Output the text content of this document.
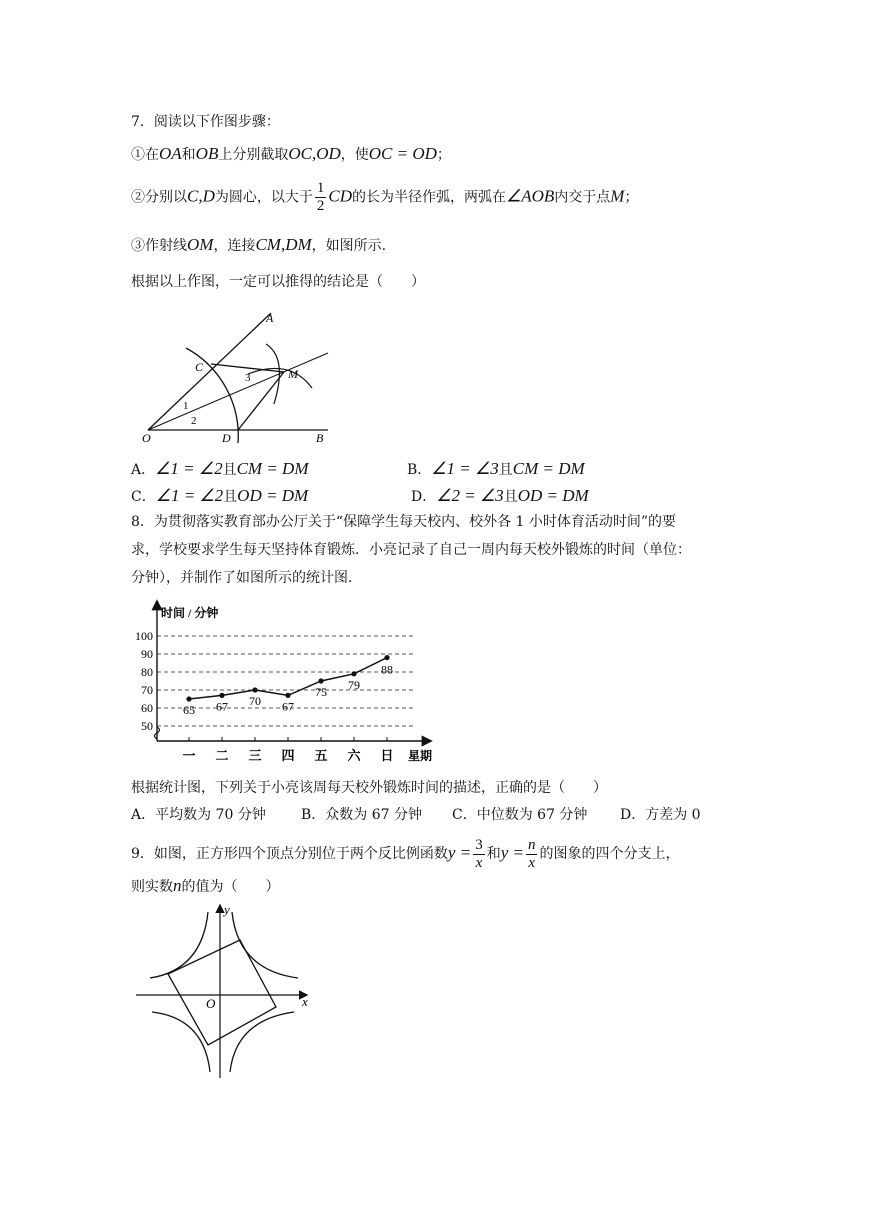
7．阅读以下作图步骤：
①在OA和OB上分别截取OC,OD，使OC = OD；
②分别以C,D为圆心，以大于 $\frac{1}{2}$ CD的长为半径作弧，两弧在∠AOB内交于点M；
③作射线OM，连接CM,DM，如图所示.
根据以上作图，一定可以推得的结论是（　　）
A
C	M
O	D	B
1
2
3
A．∠1 = ∠2且CM = DM	B．∠1 = ∠3且CM = DM
C．∠1 = ∠2且OD = DM	D．∠2 = ∠3且OD = DM
8．为贯彻落实教育部办公厅关于“保障学生每天校内、校外各 1 小时体育活动时间”的要
求，学校要求学生每天坚持体育锻炼．小亮记录了自己一周内每天校外锻炼的时间（单位：
分钟），并制作了如图所示的统计图．
时间 / 分钟
星期
50
60
70
80
90
100
一 二 三 四 五 六 日
65 67 70 67
75
79
88
根据统计图，下列关于小亮该周每天校外锻炼时间的描述，正确的是（　　）
A．平均数为 70 分钟	B．众数为 67 分钟 C．中位数为 67 分钟 D．方差为 0
9．如图，正方形四个顶点分别位于两个反比例函数$y = \frac{3}{x}$ 和$y = \frac{n}{x}$ 的图象的四个分支上，
则实数n的值为（　　）
y
x
O
